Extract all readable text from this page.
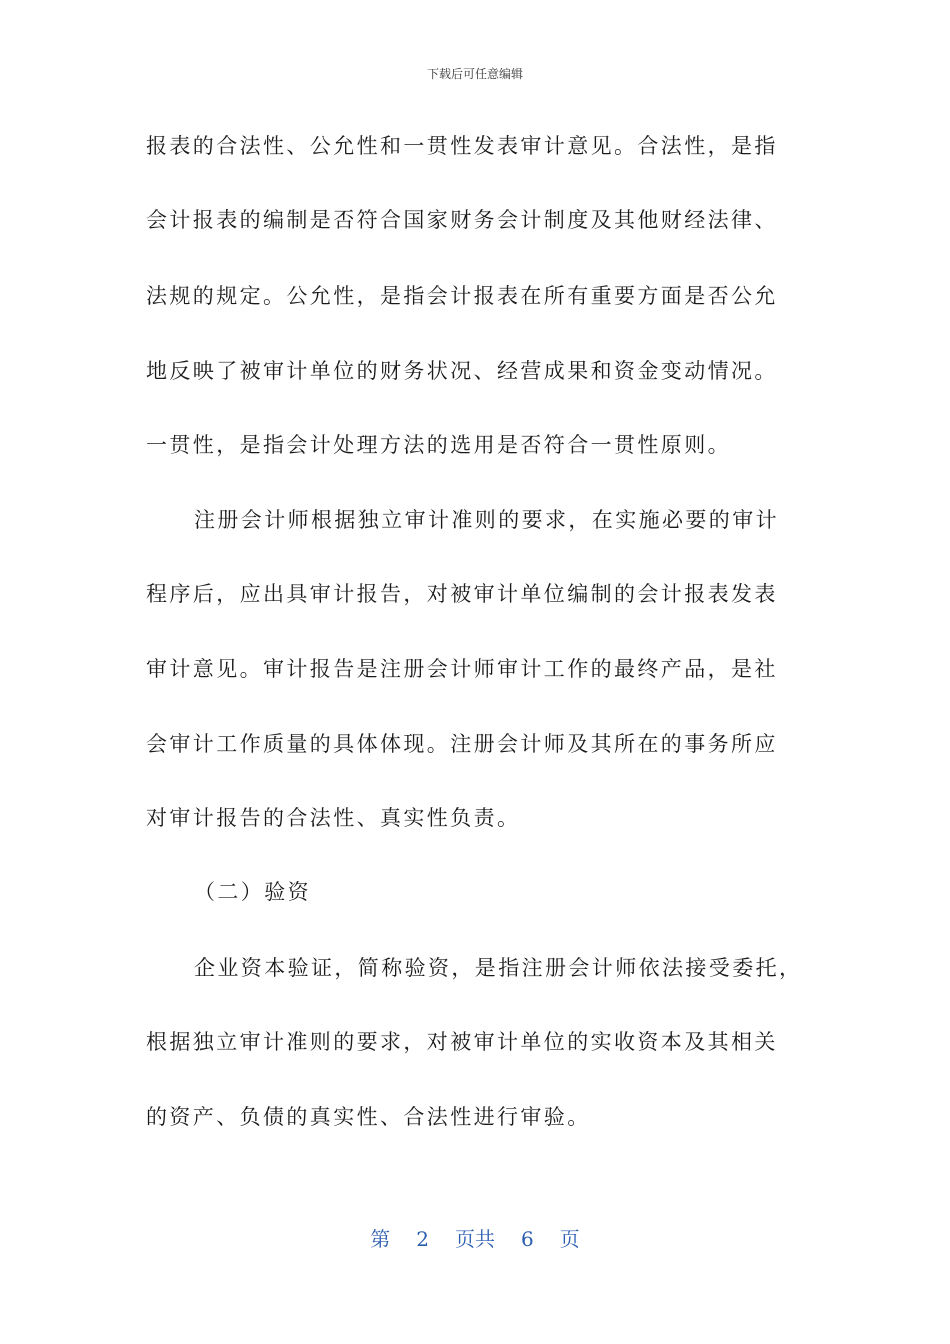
下载后可任意编辑
报表的合法性、公允性和一贯性发表审计意见。合法性，是指
会计报表的编制是否符合国家财务会计制度及其他财经法律、
法规的规定。公允性，是指会计报表在所有重要方面是否公允
地反映了被审计单位的财务状况、经营成果和资金变动情况。
一贯性，是指会计处理方法的选用是否符合一贯性原则。
注册会计师根据独立审计准则的要求，在实施必要的审计
程序后，应出具审计报告，对被审计单位编制的会计报表发表
审计意见。审计报告是注册会计师审计工作的最终产品，是社
会审计工作质量的具体体现。注册会计师及其所在的事务所应
对审计报告的合法性、真实性负责。
（二）验资
企业资本验证，简称验资，是指注册会计师依法接受委托，
根据独立审计准则的要求，对被审计单位的实收资本及其相关
的资产、负债的真实性、合法性进行审验。
第 2 页共 6 页
